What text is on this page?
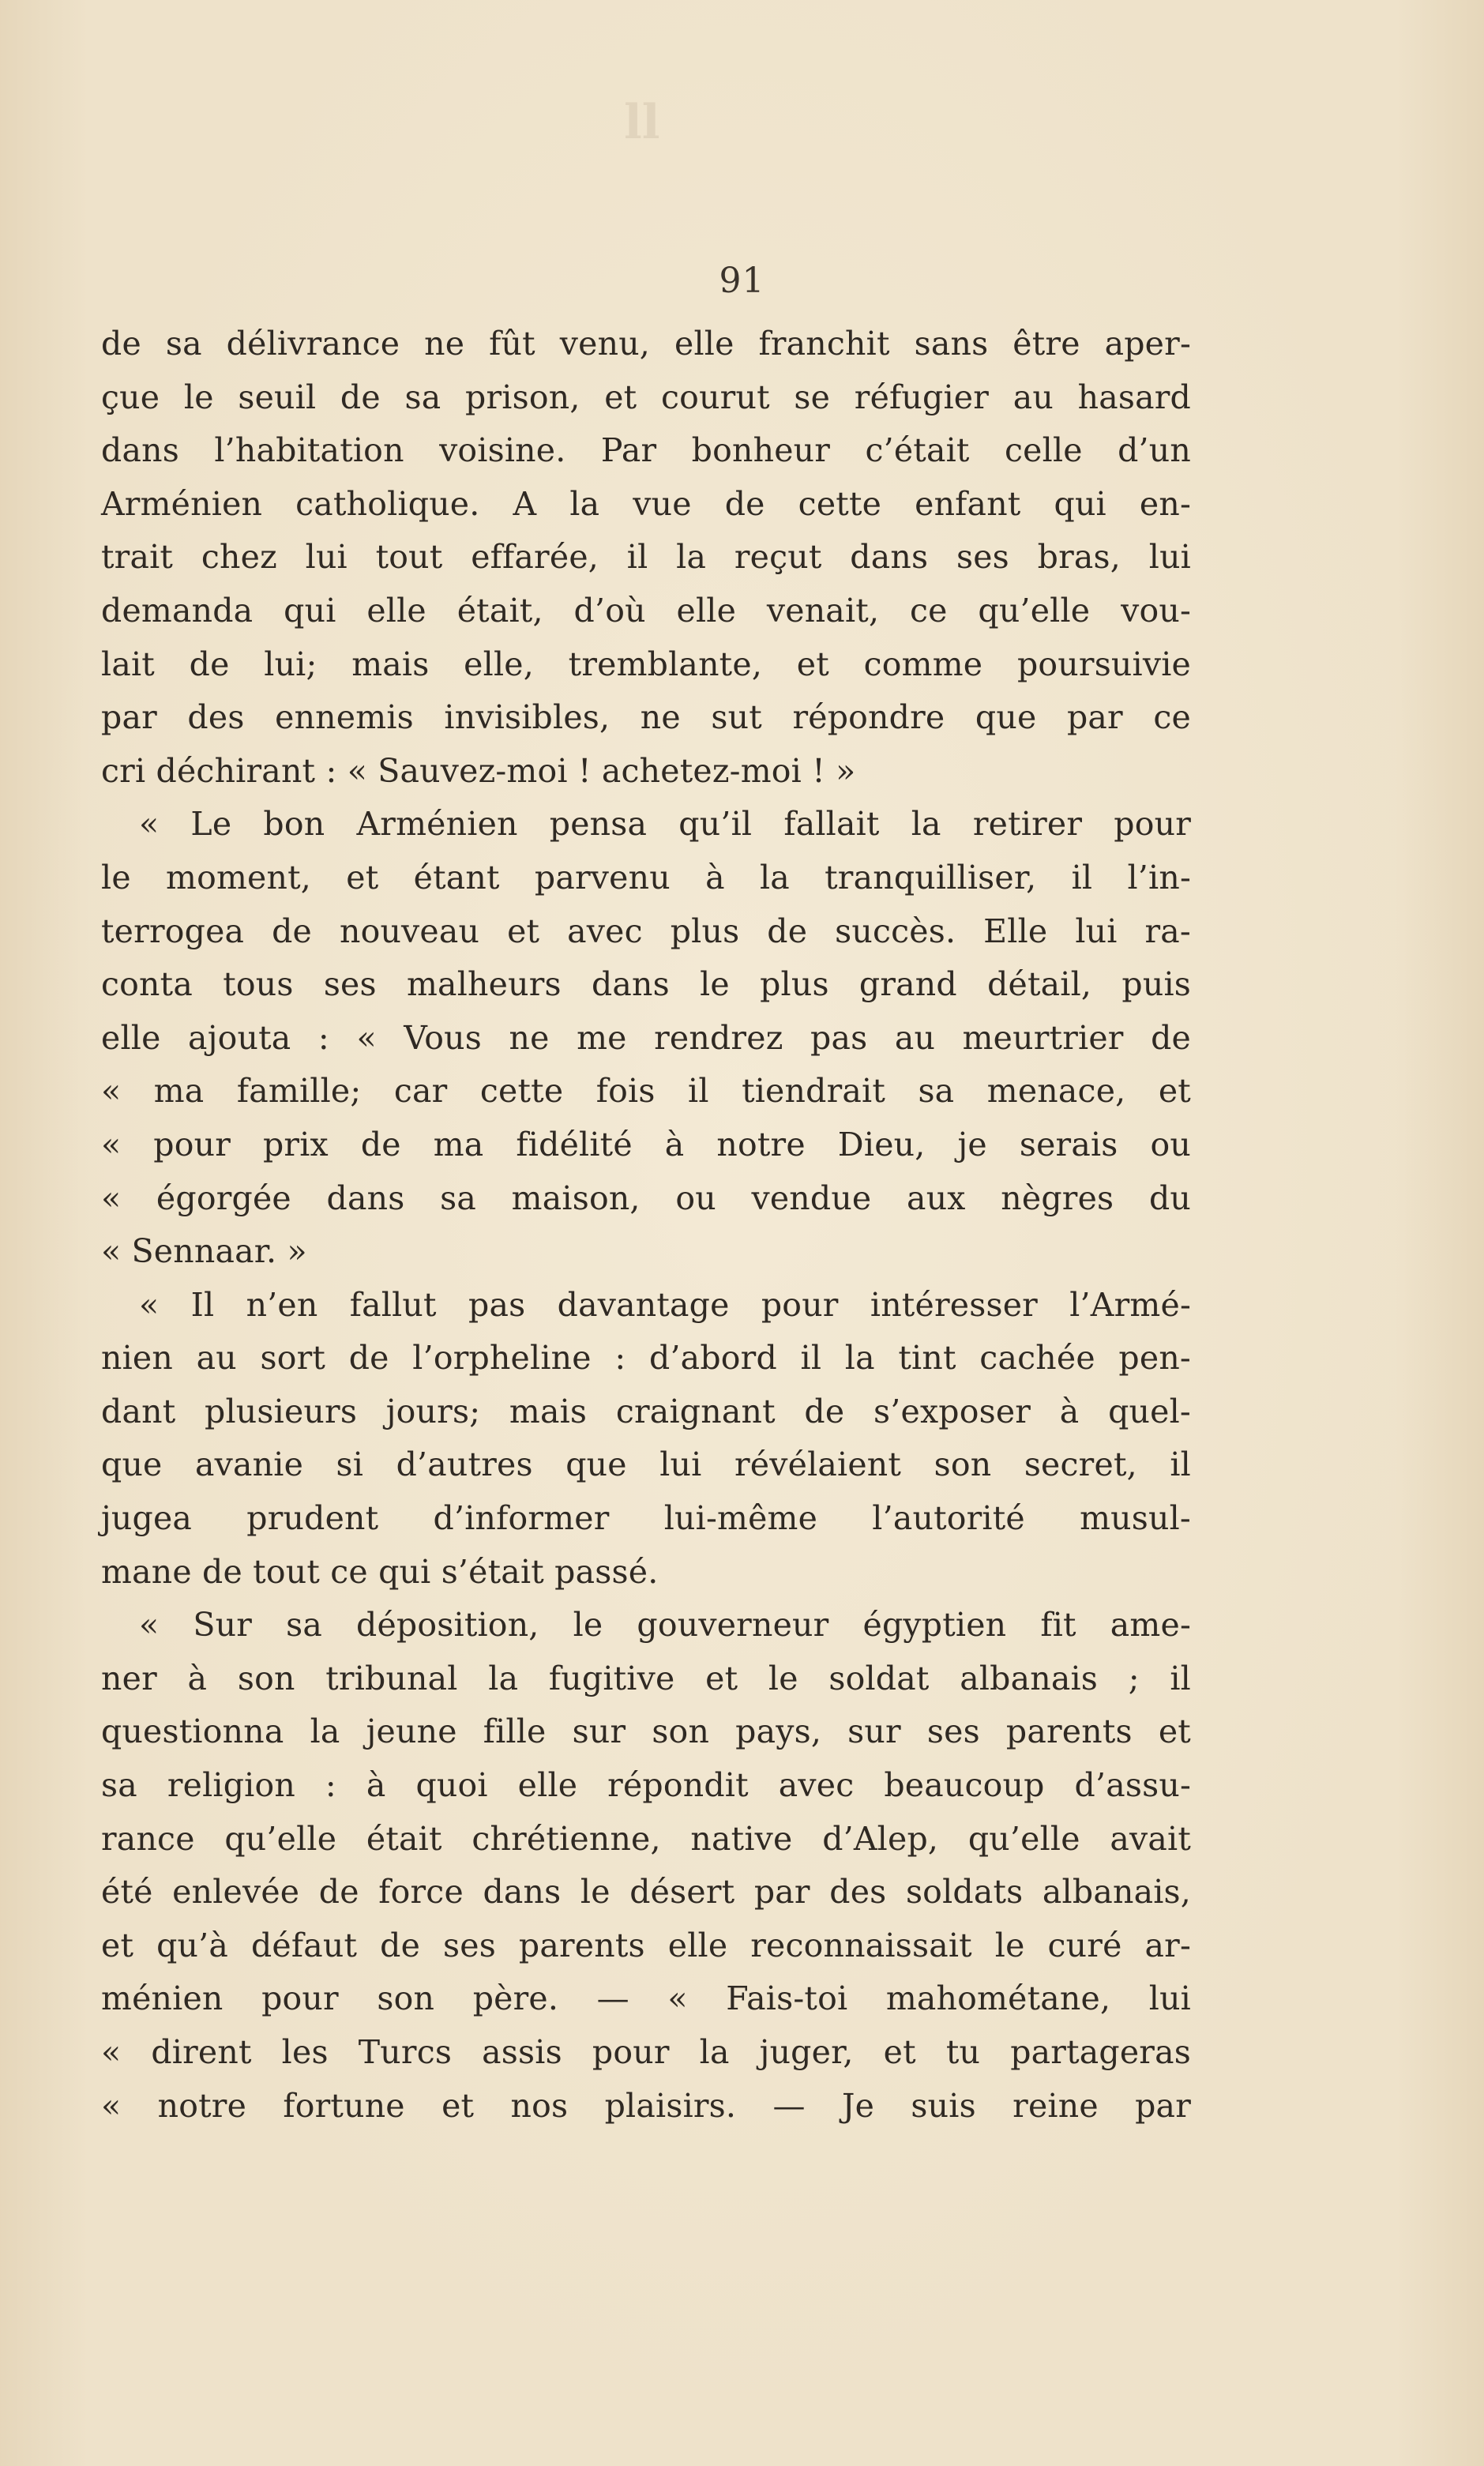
ll
91
de sa délivrance ne fût venu, elle franchit sans être aper-
çue le seuil de sa prison, et courut se réfugier au hasard
dans l’habitation voisine. Par bonheur c’était celle d’un
Arménien catholique. A la vue de cette enfant qui en-
trait chez lui tout effarée, il la reçut dans ses bras, lui
demanda qui elle était, d’où elle venait, ce qu’elle vou-
lait de lui; mais elle, tremblante, et comme poursuivie
par des ennemis invisibles, ne sut répondre que par ce
cri déchirant : « Sauvez-moi ! achetez-moi ! »
« Le bon Arménien pensa qu’il fallait la retirer pour
le moment, et étant parvenu à la tranquilliser, il l’in-
terrogea de nouveau et avec plus de succès. Elle lui ra-
conta tous ses malheurs dans le plus grand détail, puis
elle ajouta : « Vous ne me rendrez pas au meurtrier de
« ma famille; car cette fois il tiendrait sa menace, et
« pour prix de ma fidélité à notre Dieu, je serais ou
« égorgée dans sa maison, ou vendue aux nègres du
« Sennaar. »
« Il n’en fallut pas davantage pour intéresser l’Armé-
nien au sort de l’orpheline : d’abord il la tint cachée pen-
dant plusieurs jours; mais craignant de s’exposer à quel-
que avanie si d’autres que lui révélaient son secret, il
jugea prudent d’informer lui-même l’autorité musul-
mane de tout ce qui s’était passé.
« Sur sa déposition, le gouverneur égyptien fit ame-
ner à son tribunal la fugitive et le soldat albanais ; il
questionna la jeune fille sur son pays, sur ses parents et
sa religion : à quoi elle répondit avec beaucoup d’assu-
rance qu’elle était chrétienne, native d’Alep, qu’elle avait
été enlevée de force dans le désert par des soldats albanais,
et qu’à défaut de ses parents elle reconnaissait le curé ar-
ménien pour son père. — « Fais-toi mahométane, lui
« dirent les Turcs assis pour la juger, et tu partageras
« notre fortune et nos plaisirs. — Je suis reine par
